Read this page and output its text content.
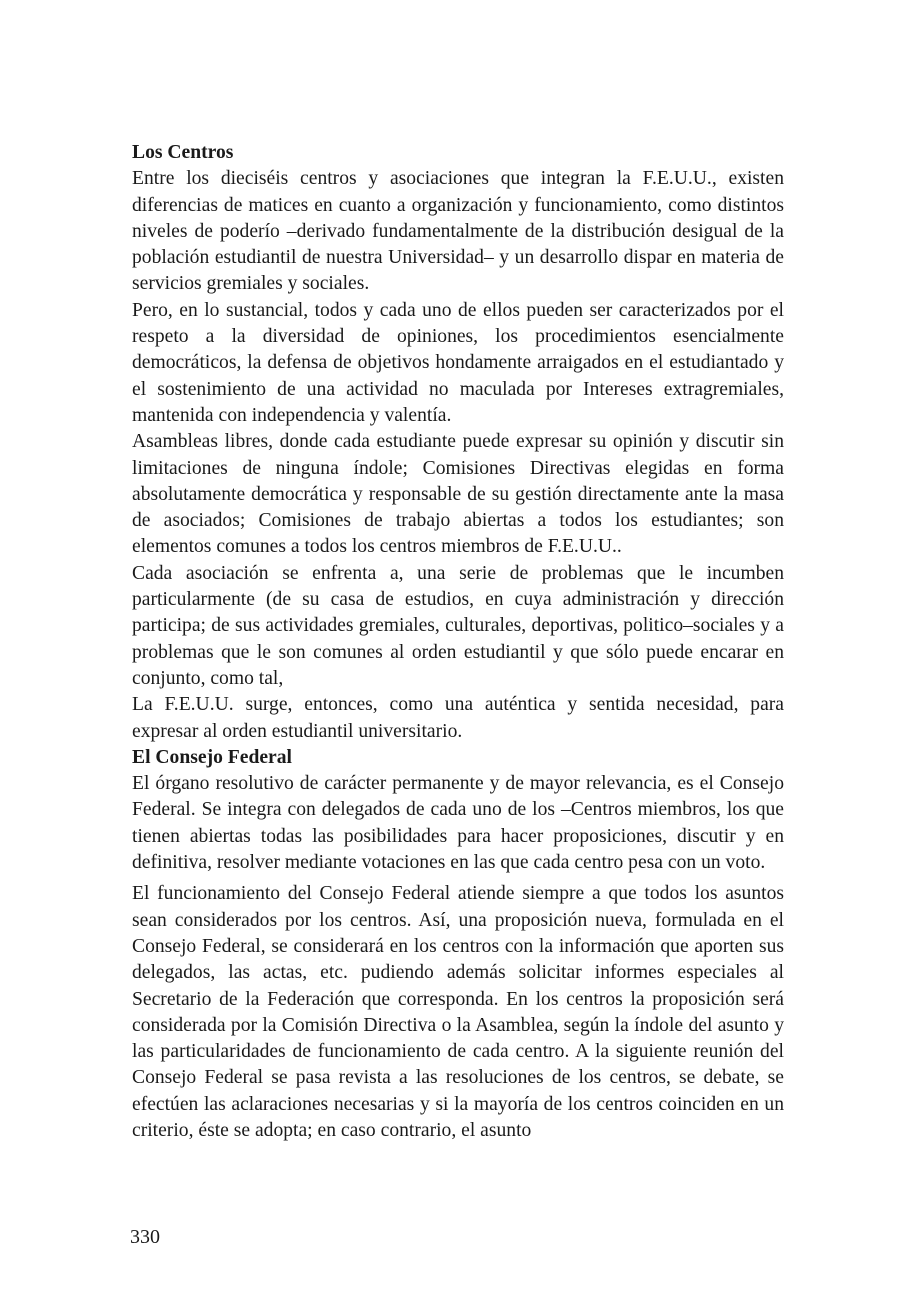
Los Centros

Entre los dieciséis centros y asociaciones que integran la F.E.U.U., existen diferencias de matices en cuanto a organización y funcionamiento, como distintos niveles de poderío –derivado fundamentalmente de la distribución desigual de la población estudiantil de nuestra Universidad– y un desarrollo dispar en materia de servicios gremiales y sociales.

Pero, en lo sustancial, todos y cada uno de ellos pueden ser caracterizados por el respeto a la diversidad de opiniones, los procedimientos esencialmente democráticos, la defensa de objetivos hondamente arraigados en el estudiantado y el sostenimiento de una actividad no maculada por Intereses extragremiales, mantenida con independencia y valentía.

Asambleas libres, donde cada estudiante puede expresar su opinión y discutir sin limitaciones de ninguna índole; Comisiones Directivas elegidas en forma absolutamente democrática y responsable de su gestión directamente ante la masa de asociados; Comisiones de trabajo abiertas a todos los estudiantes; son elementos comunes a todos los centros miembros de F.E.U.U..

Cada asociación se enfrenta a, una serie de problemas que le incumben particularmente (de su casa de estudios, en cuya administración y dirección participa; de sus actividades gremiales, culturales, deportivas, politico–sociales y a problemas que le son comunes al orden estudiantil y que sólo puede encarar en conjunto, como tal,

La F.E.U.U. surge, entonces, como una auténtica y sentida necesidad, para expresar al orden estudiantil universitario.

El Consejo Federal

El órgano resolutivo de carácter permanente y de mayor relevancia, es el Consejo Federal. Se integra con delegados de cada uno de los –Centros miembros, los que tienen abiertas todas las posibilidades para hacer proposiciones, discutir y en definitiva, resolver mediante votaciones en las que cada centro pesa con un voto.

El funcionamiento del Consejo Federal atiende siempre a que todos los asuntos sean considerados por los centros. Así, una proposición nueva, formulada en el Consejo Federal, se considerará en los centros con la información que aporten sus delegados, las actas, etc. pudiendo además solicitar informes especiales al Secretario de la Federación que corresponda. En los centros la proposición será considerada por la Comisión Directiva o la Asamblea, según la índole del asunto y las particularidades de funcionamiento de cada centro. A la siguiente reunión del Consejo Federal se pasa revista a las resoluciones de los centros, se debate, se efectúen las aclaraciones necesarias y si la mayoría de los centros coinciden en un criterio, éste se adopta; en caso contrario, el asunto

330
